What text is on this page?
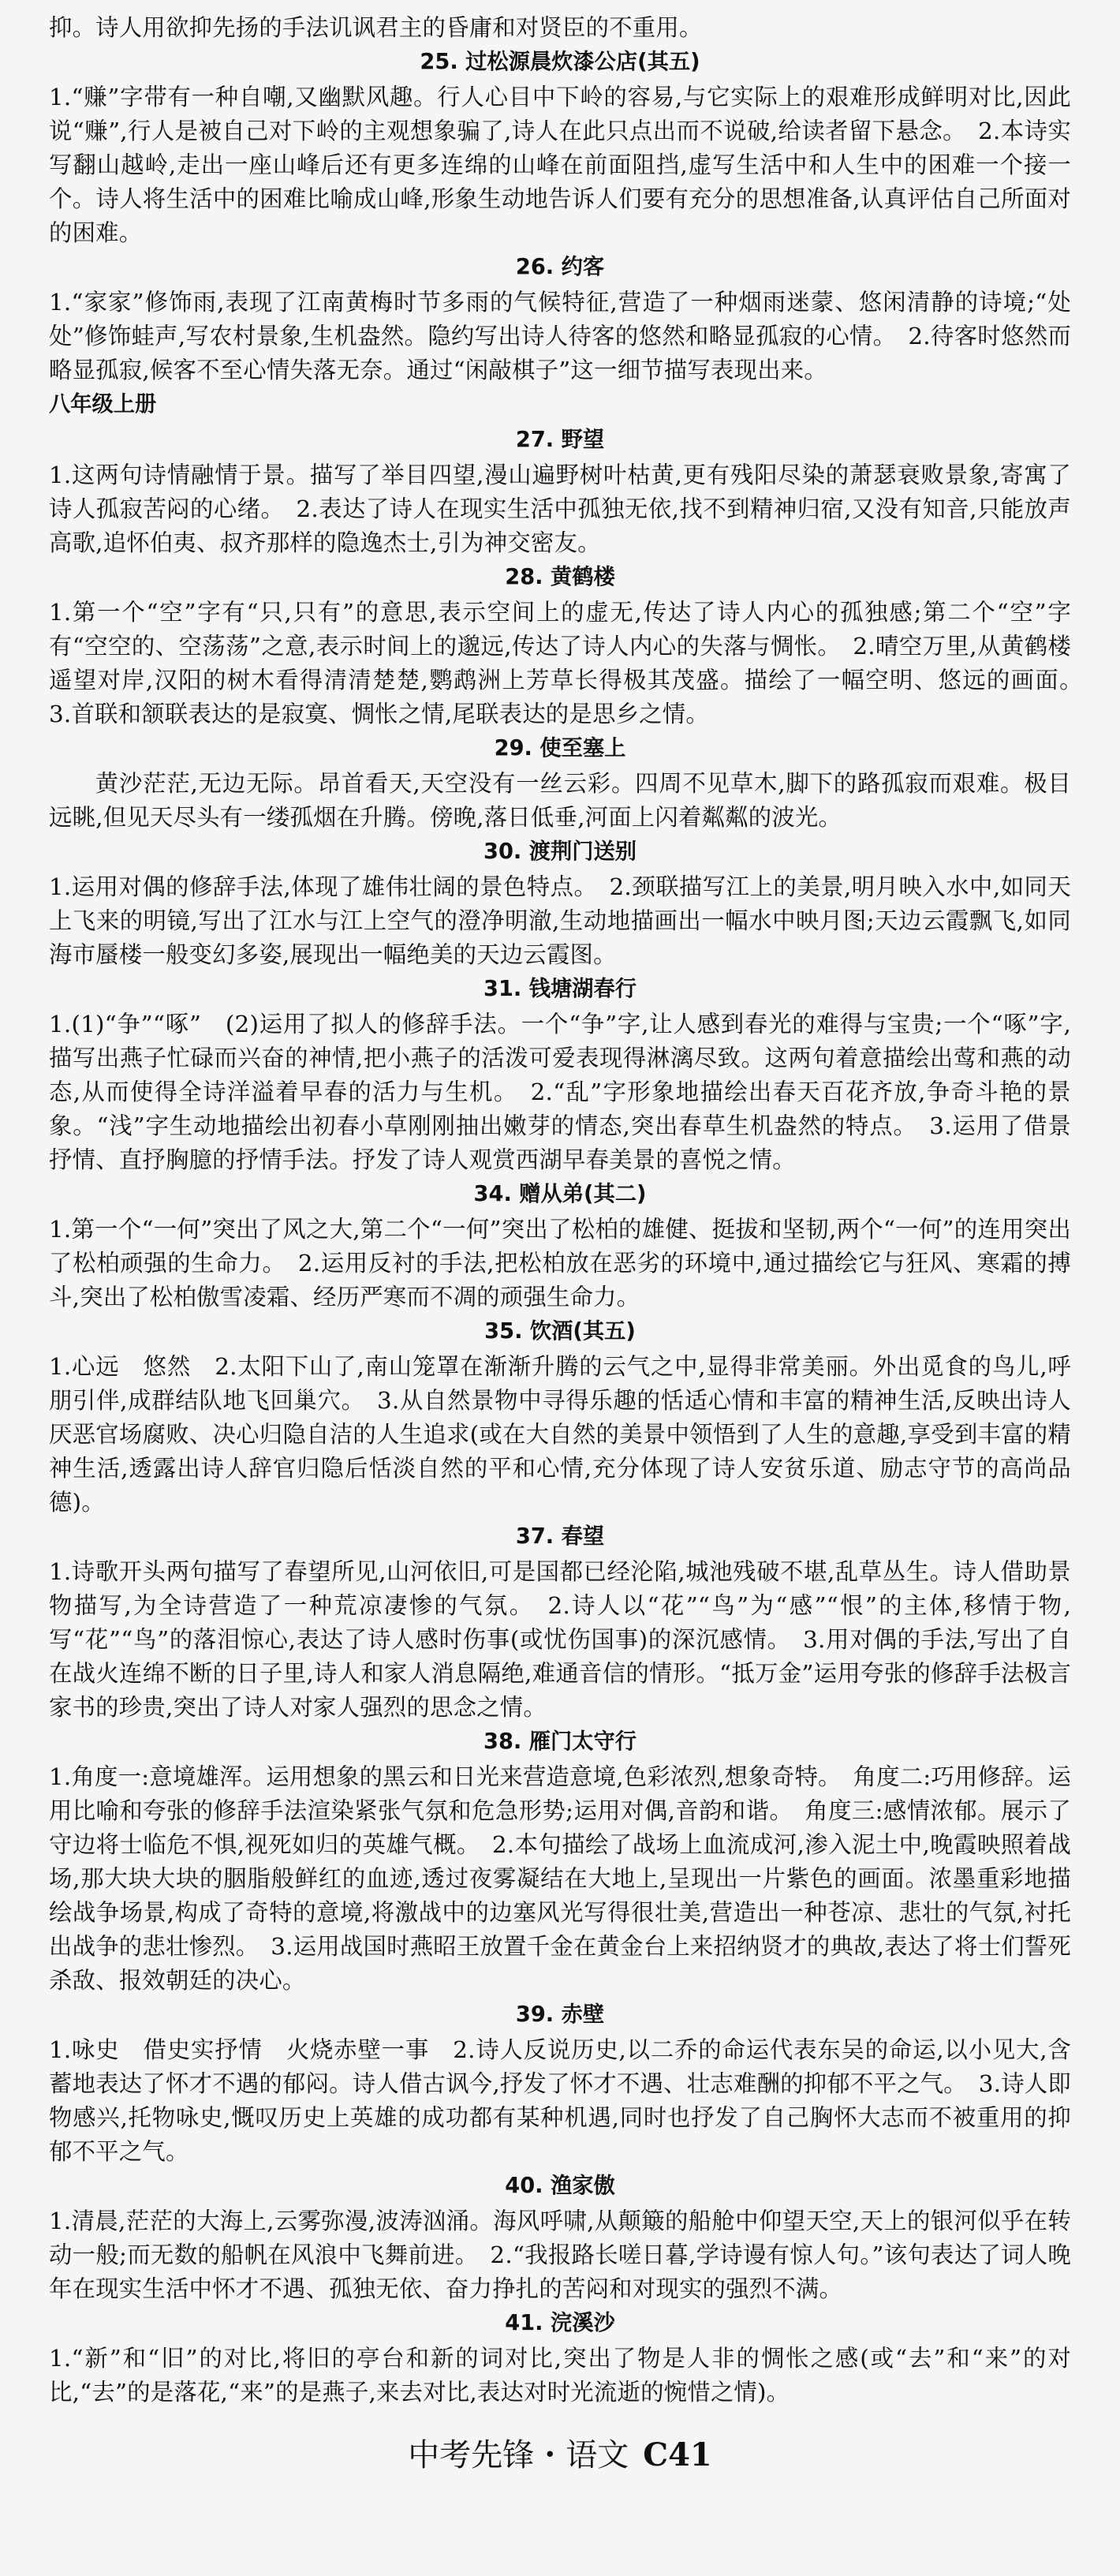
抑。诗人用欲抑先扬的手法讥讽君主的昏庸和对贤臣的不重用。

25. 过松源晨炊漆公店(其五)

1.“赚”字带有一种自嘲,又幽默风趣。行人心目中下岭的容易,与它实际上的艰难形成鲜明对比,因此说“赚”,行人是被自己对下岭的主观想象骗了,诗人在此只点出而不说破,给读者留下悬念。　2.本诗实写翻山越岭,走出一座山峰后还有更多连绵的山峰在前面阻挡,虚写生活中和人生中的困难一个接一个。诗人将生活中的困难比喻成山峰,形象生动地告诉人们要有充分的思想准备,认真评估自己所面对的困难。

26. 约客

1.“家家”修饰雨,表现了江南黄梅时节多雨的气候特征,营造了一种烟雨迷蒙、悠闲清静的诗境;“处处”修饰蛙声,写农村景象,生机盎然。隐约写出诗人待客的悠然和略显孤寂的心情。　2.待客时悠然而略显孤寂,候客不至心情失落无奈。通过“闲敲棋子”这一细节描写表现出来。

八年级上册
27. 野望

1.这两句诗情融情于景。描写了举目四望,漫山遍野树叶枯黄,更有残阳尽染的萧瑟衰败景象,寄寓了诗人孤寂苦闷的心绪。　2.表达了诗人在现实生活中孤独无依,找不到精神归宿,又没有知音,只能放声高歌,追怀伯夷、叔齐那样的隐逸杰士,引为神交密友。

28. 黄鹤楼

1.第一个“空”字有“只,只有”的意思,表示空间上的虚无,传达了诗人内心的孤独感;第二个“空”字有“空空的、空荡荡”之意,表示时间上的邈远,传达了诗人内心的失落与惆怅。　2.晴空万里,从黄鹤楼遥望对岸,汉阳的树木看得清清楚楚,鹦鹉洲上芳草长得极其茂盛。描绘了一幅空明、悠远的画面。　3.首联和颔联表达的是寂寞、惆怅之情,尾联表达的是思乡之情。

29. 使至塞上

黄沙茫茫,无边无际。昂首看天,天空没有一丝云彩。四周不见草木,脚下的路孤寂而艰难。极目远眺,但见天尽头有一缕孤烟在升腾。傍晚,落日低垂,河面上闪着粼粼的波光。

30. 渡荆门送别

1.运用对偶的修辞手法,体现了雄伟壮阔的景色特点。　2.颈联描写江上的美景,明月映入水中,如同天上飞来的明镜,写出了江水与江上空气的澄净明澈,生动地描画出一幅水中映月图;天边云霞飘飞,如同海市蜃楼一般变幻多姿,展现出一幅绝美的天边云霞图。

31. 钱塘湖春行

1.(1)“争”“啄”　(2)运用了拟人的修辞手法。一个“争”字,让人感到春光的难得与宝贵;一个“啄”字,描写出燕子忙碌而兴奋的神情,把小燕子的活泼可爱表现得淋漓尽致。这两句着意描绘出莺和燕的动态,从而使得全诗洋溢着早春的活力与生机。　2.“乱”字形象地描绘出春天百花齐放,争奇斗艳的景象。“浅”字生动地描绘出初春小草刚刚抽出嫩芽的情态,突出春草生机盎然的特点。　3.运用了借景抒情、直抒胸臆的抒情手法。抒发了诗人观赏西湖早春美景的喜悦之情。

34. 赠从弟(其二)

1.第一个“一何”突出了风之大,第二个“一何”突出了松柏的雄健、挺拔和坚韧,两个“一何”的连用突出了松柏顽强的生命力。　2.运用反衬的手法,把松柏放在恶劣的环境中,通过描绘它与狂风、寒霜的搏斗,突出了松柏傲雪凌霜、经历严寒而不凋的顽强生命力。

35. 饮酒(其五)

1.心远　悠然　2.太阳下山了,南山笼罩在渐渐升腾的云气之中,显得非常美丽。外出觅食的鸟儿,呼朋引伴,成群结队地飞回巢穴。　3.从自然景物中寻得乐趣的恬适心情和丰富的精神生活,反映出诗人厌恶官场腐败、决心归隐自洁的人生追求(或在大自然的美景中领悟到了人生的意趣,享受到丰富的精神生活,透露出诗人辞官归隐后恬淡自然的平和心情,充分体现了诗人安贫乐道、励志守节的高尚品德)。

37. 春望

1.诗歌开头两句描写了春望所见,山河依旧,可是国都已经沦陷,城池残破不堪,乱草丛生。诗人借助景物描写,为全诗营造了一种荒凉凄惨的气氛。　2.诗人以“花”“鸟”为“感”“恨”的主体,移情于物,写“花”“鸟”的落泪惊心,表达了诗人感时伤事(或忧伤国事)的深沉感情。　3.用对偶的手法,写出了自在战火连绵不断的日子里,诗人和家人消息隔绝,难通音信的情形。“抵万金”运用夸张的修辞手法极言家书的珍贵,突出了诗人对家人强烈的思念之情。

38. 雁门太守行

1.角度一:意境雄浑。运用想象的黑云和日光来营造意境,色彩浓烈,想象奇特。　角度二:巧用修辞。运用比喻和夸张的修辞手法渲染紧张气氛和危急形势;运用对偶,音韵和谐。　角度三:感情浓郁。展示了守边将士临危不惧,视死如归的英雄气概。　2.本句描绘了战场上血流成河,渗入泥土中,晚霞映照着战场,那大块大块的胭脂般鲜红的血迹,透过夜雾凝结在大地上,呈现出一片紫色的画面。浓墨重彩地描绘战争场景,构成了奇特的意境,将激战中的边塞风光写得很壮美,营造出一种苍凉、悲壮的气氛,衬托出战争的悲壮惨烈。　3.运用战国时燕昭王放置千金在黄金台上来招纳贤才的典故,表达了将士们誓死杀敌、报效朝廷的决心。

39. 赤壁

1.咏史　借史实抒情　火烧赤壁一事　2.诗人反说历史,以二乔的命运代表东吴的命运,以小见大,含蓄地表达了怀才不遇的郁闷。诗人借古讽今,抒发了怀才不遇、壮志难酬的抑郁不平之气。　3.诗人即物感兴,托物咏史,慨叹历史上英雄的成功都有某种机遇,同时也抒发了自己胸怀大志而不被重用的抑郁不平之气。

40. 渔家傲

1.清晨,茫茫的大海上,云雾弥漫,波涛汹涌。海风呼啸,从颠簸的船舱中仰望天空,天上的银河似乎在转动一般;而无数的船帆在风浪中飞舞前进。　2.“我报路长嗟日暮,学诗谩有惊人句。”该句表达了词人晚年在现实生活中怀才不遇、孤独无依、奋力挣扎的苦闷和对现实的强烈不满。

41. 浣溪沙

1.“新”和“旧”的对比,将旧的亭台和新的词对比,突出了物是人非的惆怅之感(或“去”和“来”的对比,“去”的是落花,“来”的是燕子,来去对比,表达对时光流逝的惋惜之情)。

中考先锋・语文 C41
